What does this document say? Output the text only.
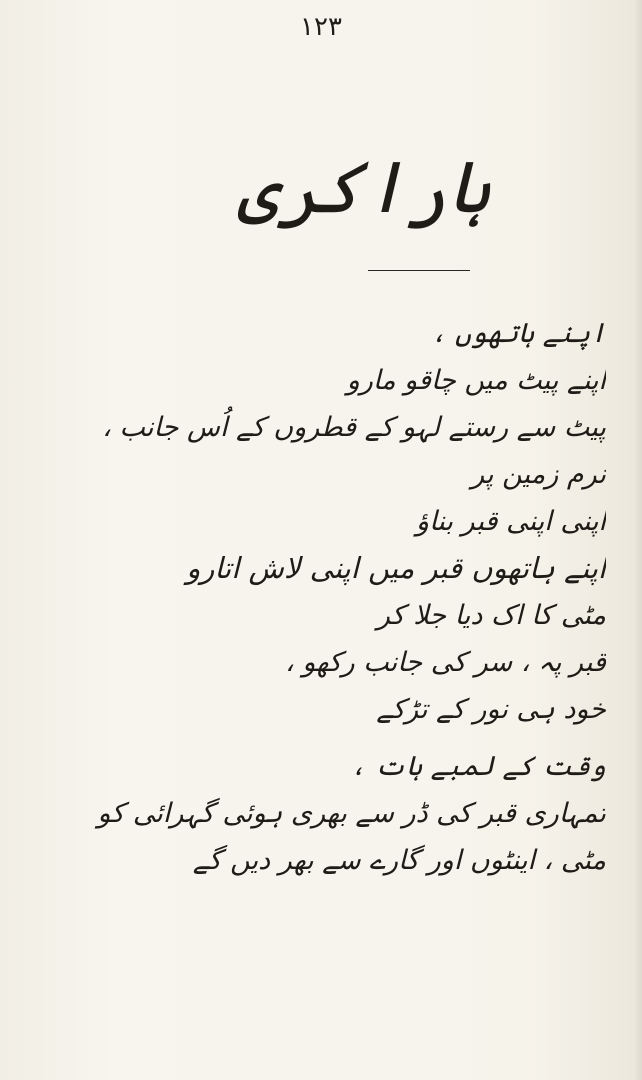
١٢٣
ہاراکری
اپنے ہاتھوں ،
اپنے پیٹ میں چاقو مارو
پیٹ سے رستے لہو کے قطروں کے اُس جانب ،
نرم زمین پر
اپنی اپنی قبر بناؤ
اپنے ہاتھوں قبر میں اپنی لاش اتارو
مٹی کا اک دیا جلا کر
قبر پہ ، سر کی جانب رکھو ،
خود ہی نور کے تڑکے
وقت کے لمبے ہات ،
تمہاری قبر کی ڈر سے بھری ہوئی گہرائی کو
مٹی ، اینٹوں اور گارے سے بھر دیں گے
